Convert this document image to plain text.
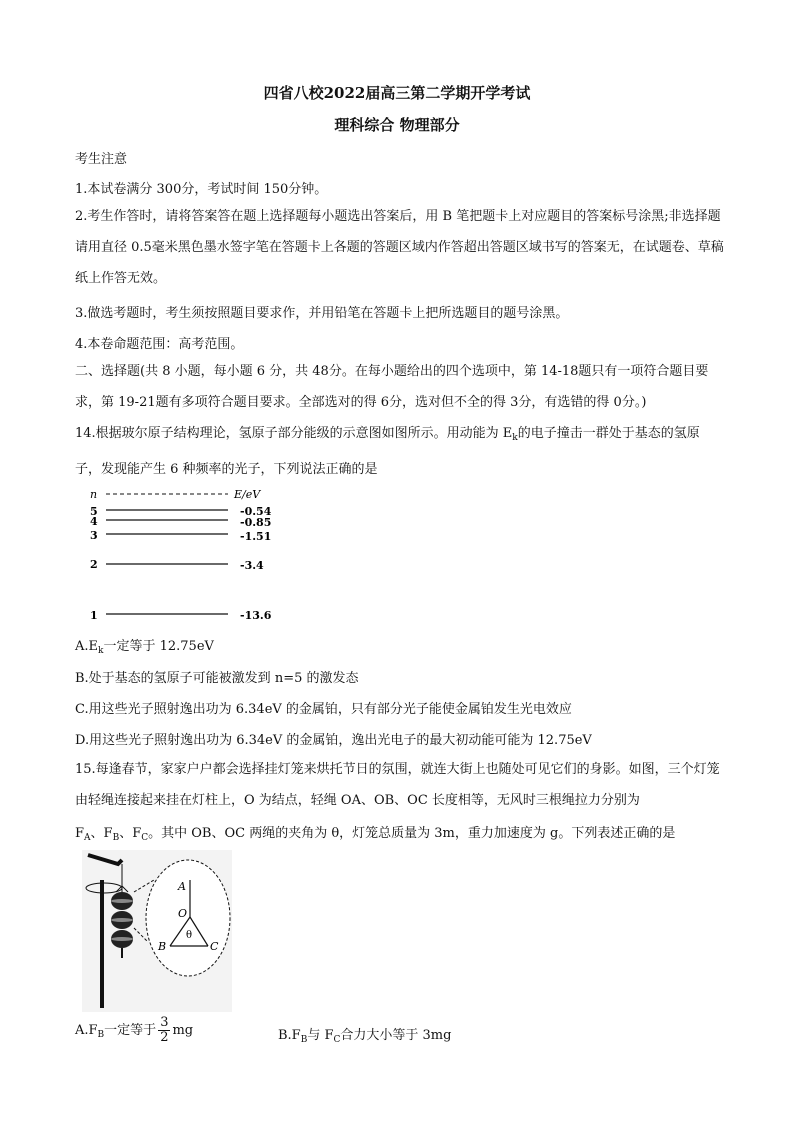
四省八校2022届高三第二学期开学考试
理科综合 物理部分
考生注意
1.本试卷满分 300分，考试时间 150分钟。
2.考生作答时，请将答案答在题上选择题每小题选出答案后，用 B 笔把题卡上对应题目的答案标号涂黑;非选择题请用直径 0.5毫米黑色墨水签字笔在答题卡上各题的答题区域内作答超出答题区域书写的答案无，在试题卷、草稿纸上作答无效。
3.做选考题时，考生须按照题目要求作，并用铅笔在答题卡上把所选题目的题号涂黑。
4.本卷命题范围：高考范围。
二、选择题(共 8 小题，每小题 6 分，共 48分。在每小题给出的四个选项中，第 14-18题只有一项符合题目要求，第 19-21题有多项符合题目要求。全部选对的得 6分，选对但不全的得 3分，有选错的得 0分。)
14.根据玻尔原子结构理论，氢原子部分能级的示意图如图所示。用动能为 $E_k$的电子撞击一群处于基态的氢原子，发现能产生 6 种频率的光子，下列说法正确的是
n	E/eV
5	-0.54
4	-0.85
3	-1.51
2	-3.4
1	-13.6
$A.E_k$一定等于 12.75eV
B.处于基态的氢原子可能被激发到 n=5 的激发态
C.用这些光子照射逸出功为 6.34eV 的金属铂，只有部分光子能使金属铂发生光电效应
D.用这些光子照射逸出功为 6.34eV 的金属铂，逸出光电子的最大初动能可能为 12.75eV
15.每逢春节，家家户户都会选择挂灯笼来烘托节日的氛围，就连大街上也随处可见它们的身影。如图，三个灯笼由轻绳连接起来挂在灯柱上，O 为结点，轻绳 OA、OB、OC 长度相等，无风时三根绳拉力分别为
$F_A$、$F_B$、$F_C$。其中 OB、OC 两绳的夹角为 θ，灯笼总质量为 3m，重力加速度为 g。下列表述正确的是
A
O
θ
B	C
$A.F_B$一定等于 $\frac{3}{2}$ mg	$B.F_B$与 $F_C$合力大小等于 3mg
